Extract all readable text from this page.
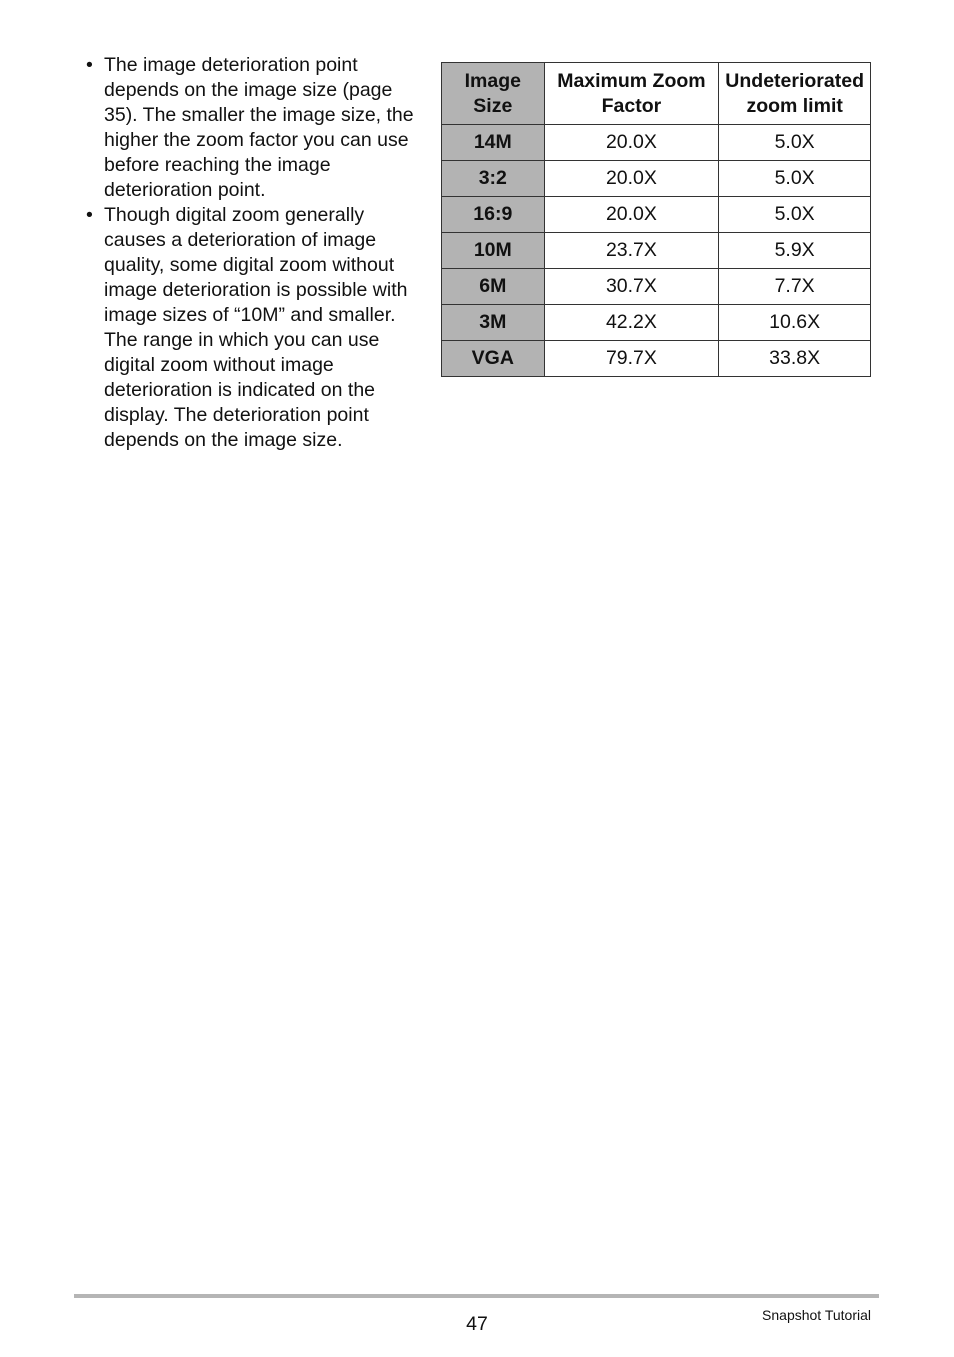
• The image deterioration point depends on the image size (page 35). The smaller the image size, the higher the zoom factor you can use before reaching the image deterioration point.
• Though digital zoom generally causes a deterioration of image quality, some digital zoom without image deterioration is possible with image sizes of “10M” and smaller. The range in which you can use digital zoom without image deterioration is indicated on the display. The deterioration point depends on the image size.
Image Size	Maximum Zoom Factor	Undeteriorated zoom limit
14M	20.0X	5.0X
3:2	20.0X	5.0X
16:9	20.0X	5.0X
10M	23.7X	5.9X
6M	30.7X	7.7X
3M	42.2X	10.6X
VGA	79.7X	33.8X
47	Snapshot Tutorial
